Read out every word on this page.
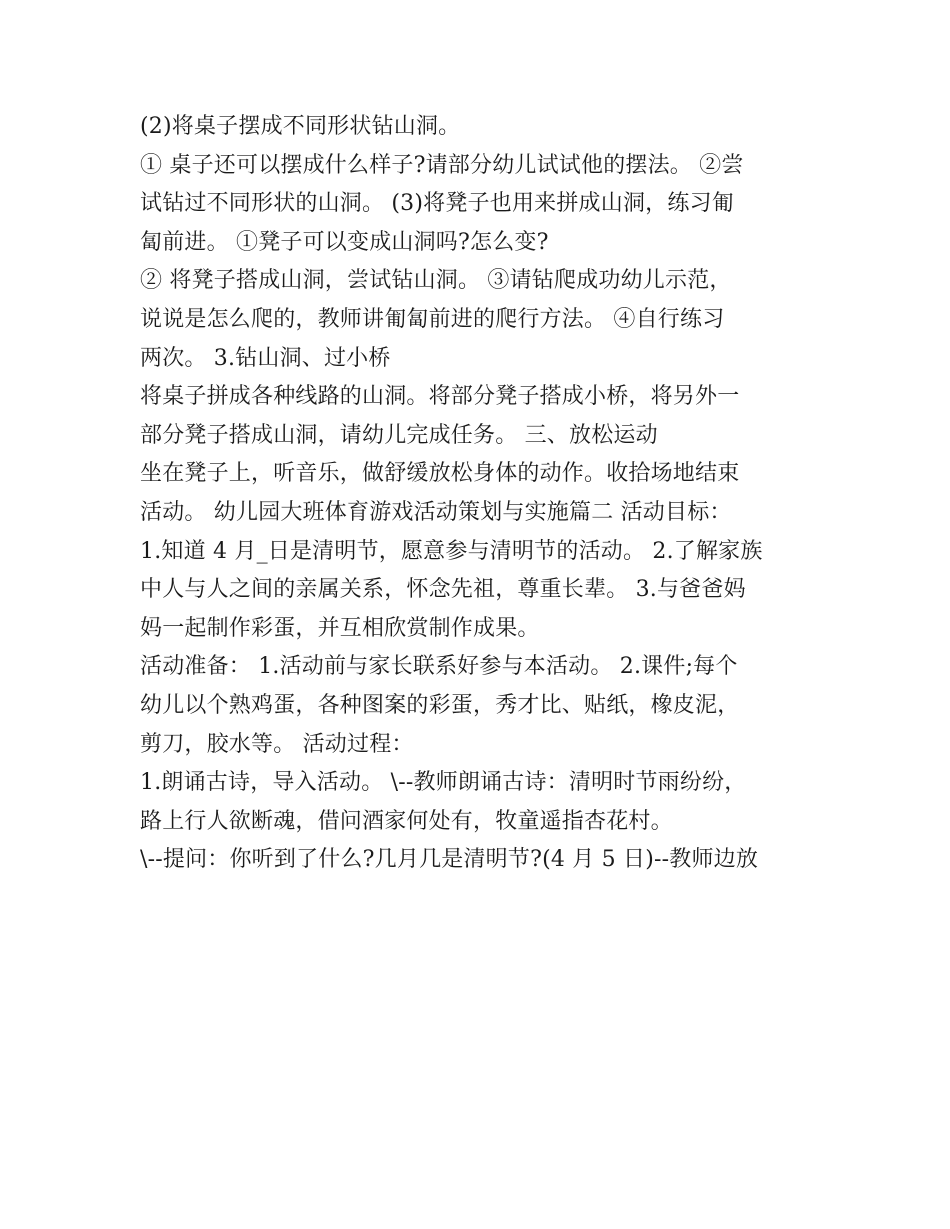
(2)将桌子摆成不同形状钻山洞。
① 桌子还可以摆成什么样子?请部分幼儿试试他的摆法。 ②尝
试钻过不同形状的山洞。 (3)将凳子也用来拼成山洞，练习匍
匐前进。 ①凳子可以变成山洞吗?怎么变?
② 将凳子搭成山洞，尝试钻山洞。 ③请钻爬成功幼儿示范，
说说是怎么爬的，教师讲匍匐前进的爬行方法。 ④自行练习
两次。 3.钻山洞、过小桥
将桌子拼成各种线路的山洞。将部分凳子搭成小桥，将另外一
部分凳子搭成山洞，请幼儿完成任务。 三、放松运动
坐在凳子上，听音乐，做舒缓放松身体的动作。收拾场地结束
活动。 幼儿园大班体育游戏活动策划与实施篇二 活动目标：
1.知道 4 月_日是清明节，愿意参与清明节的活动。 2.了解家族
中人与人之间的亲属关系，怀念先祖，尊重长辈。 3.与爸爸妈
妈一起制作彩蛋，并互相欣赏制作成果。
活动准备： 1.活动前与家长联系好参与本活动。 2.课件;每个
幼儿以个熟鸡蛋，各种图案的彩蛋，秀才比、贴纸，橡皮泥，
剪刀，胶水等。 活动过程：
1.朗诵古诗，导入活动。 \--教师朗诵古诗：清明时节雨纷纷，
路上行人欲断魂，借问酒家何处有，牧童遥指杏花村。
\--提问：你听到了什么?几月几是清明节?(4 月 5 日)--教师边放
